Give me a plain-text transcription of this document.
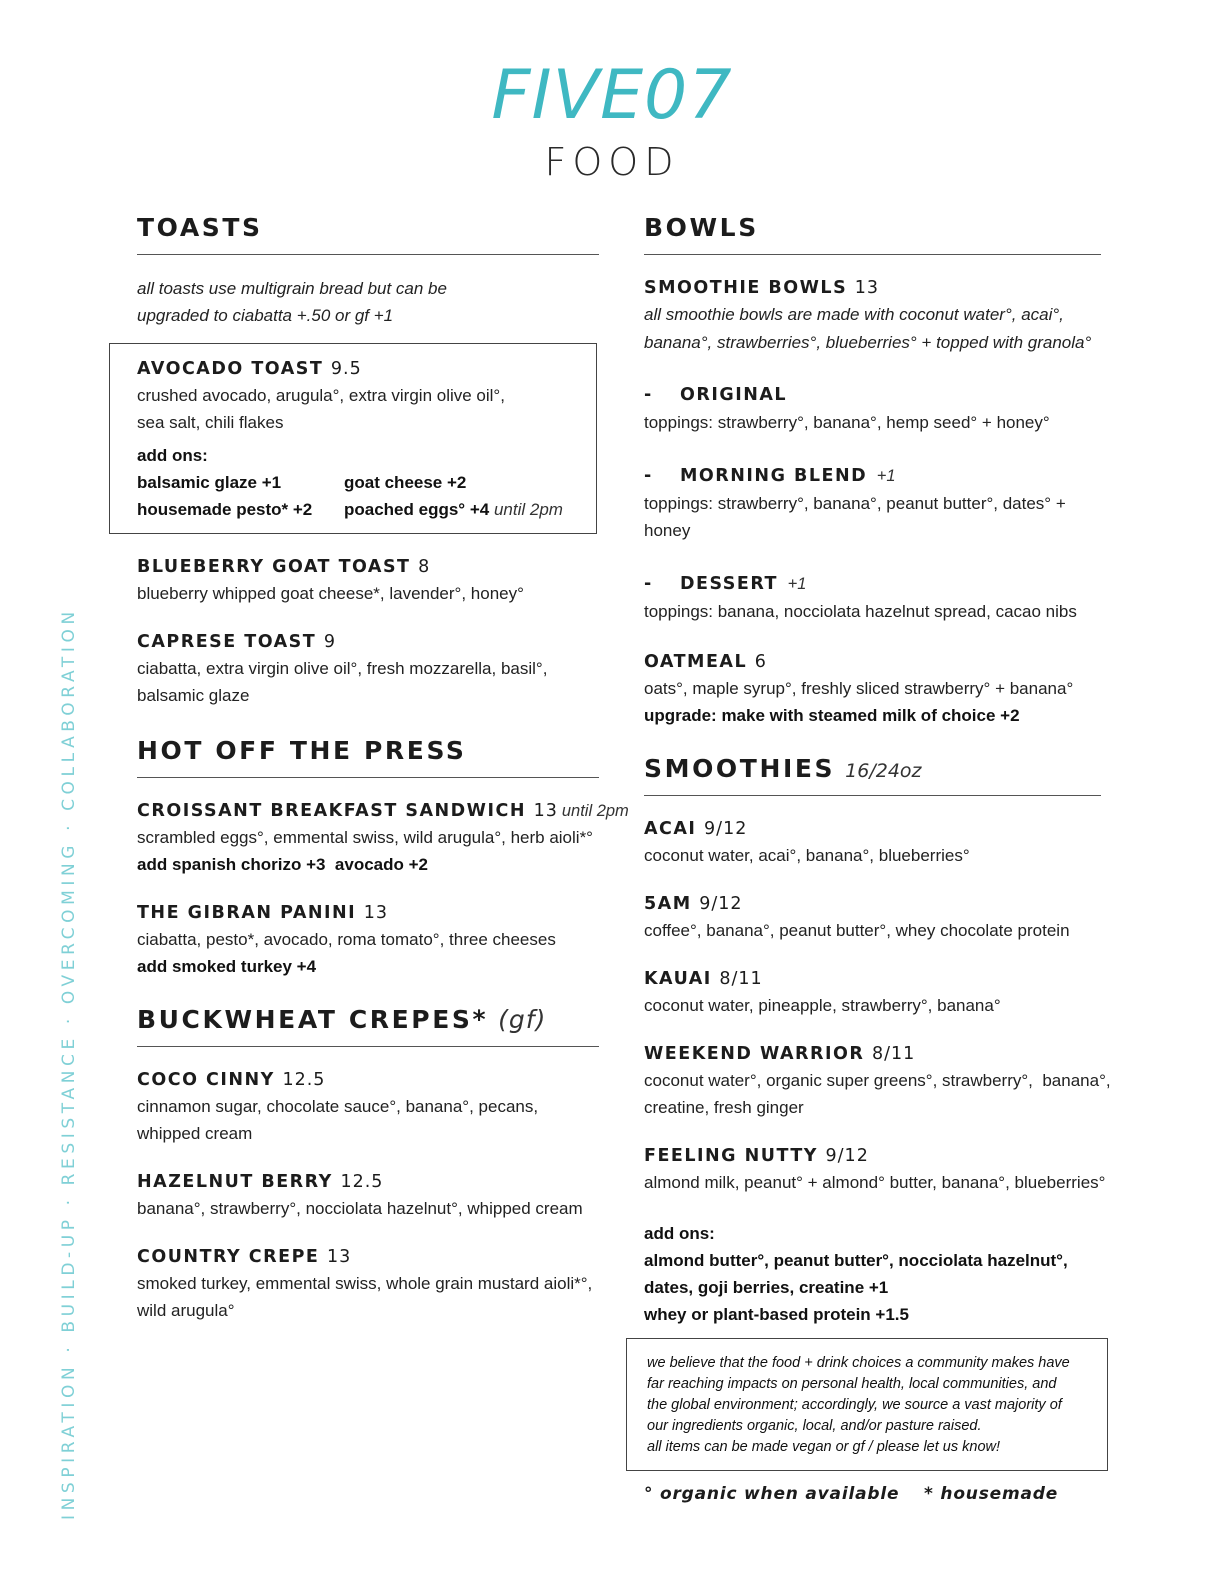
FIVE07
FOOD
INSPIRATION · BUILD-UP · RESISTANCE · OVERCOMING · COLLABORATION
TOASTS
all toasts use multigrain bread but can be
upgraded to ciabatta +.50 or gf +1
AVOCADO TOAST 9.5
crushed avocado, arugula°, extra virgin olive oil°,
sea salt, chili flakes
add ons:
balsamic glaze +1	goat cheese +2
housemade pesto* +2	poached eggs° +4 until 2pm
BLUEBERRY GOAT TOAST 8
blueberry whipped goat cheese*, lavender°, honey°
CAPRESE TOAST 9
ciabatta, extra virgin olive oil°, fresh mozzarella, basil°,
balsamic glaze
HOT OFF THE PRESS
CROISSANT BREAKFAST SANDWICH 13 until 2pm
scrambled eggs°, emmental swiss, wild arugula°, herb aioli*°
add spanish chorizo +3  avocado +2
THE GIBRAN PANINI 13
ciabatta, pesto*, avocado, roma tomato°, three cheeses
add smoked turkey +4
BUCKWHEAT CREPES* (gf)
COCO CINNY 12.5
cinnamon sugar, chocolate sauce°, banana°, pecans,
whipped cream
HAZELNUT BERRY 12.5
banana°, strawberry°, nocciolata hazelnut°, whipped cream
COUNTRY CREPE 13
smoked turkey, emmental swiss, whole grain mustard aioli*°,
wild arugula°
BOWLS
SMOOTHIE BOWLS 13
all smoothie bowls are made with coconut water°, acai°,
banana°, strawberries°, blueberries° + topped with granola°
- ORIGINAL
toppings: strawberry°, banana°, hemp seed° + honey°
- MORNING BLEND +1
toppings: strawberry°, banana°, peanut butter°, dates° + honey
- DESSERT +1
toppings: banana, nocciolata hazelnut spread, cacao nibs
OATMEAL 6
oats°, maple syrup°, freshly sliced strawberry° + banana°
upgrade: make with steamed milk of choice +2
SMOOTHIES 16/24oz
ACAI 9/12
coconut water, acai°, banana°, blueberries°
5AM 9/12
coffee°, banana°, peanut butter°, whey chocolate protein
KAUAI 8/11
coconut water, pineapple, strawberry°, banana°
WEEKEND WARRIOR 8/11
coconut water°, organic super greens°, strawberry°,  banana°,
creatine, fresh ginger
FEELING NUTTY 9/12
almond milk, peanut° + almond° butter, banana°, blueberries°
add ons:
almond butter°, peanut butter°, nocciolata hazelnut°,
dates, goji berries, creatine +1
whey or plant-based protein +1.5

we believe that the food + drink choices a community makes have

far reaching impacts on personal health, local communities, and

the global environment; accordingly, we source a vast majority of

our ingredients organic, local, and/or pasture raised.

all items can be made vegan or gf / please let us know!

° organic when available * housemade
